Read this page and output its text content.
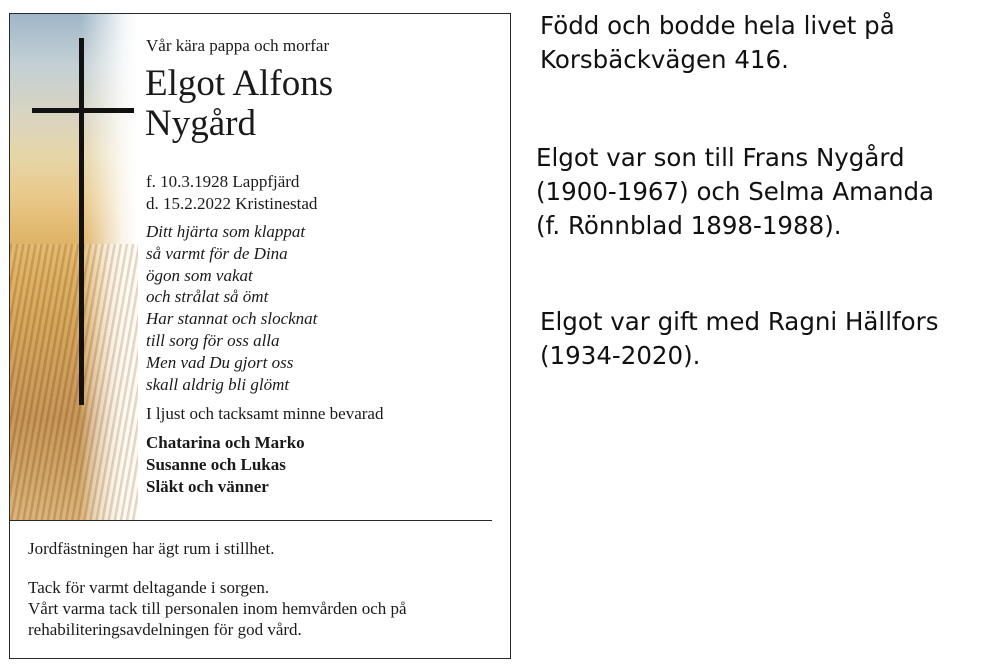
Vår kära pappa och morfar
Elgot Alfons
Nygård
f. 10.3.1928 Lappfjärd
d. 15.2.2022 Kristinestad
Ditt hjärta som klappat
så varmt för de Dina
ögon som vakat
och strålat så ömt
Har stannat och slocknat
till sorg för oss alla
Men vad Du gjort oss
skall aldrig bli glömt
I ljust och tacksamt minne bevarad
Chatarina och Marko
Susanne och Lukas
Släkt och vänner
Jordfästningen har ägt rum i stillhet.
Tack för varmt deltagande i sorgen.
Vårt varma tack till personalen inom hemvården och på
rehabiliteringsavdelningen för god vård.
Född och bodde hela livet på
Korsbäckvägen 416.
Elgot var son till Frans Nygård
(1900-1967) och Selma Amanda
(f. Rönnblad 1898-1988).
Elgot var gift med Ragni Hällfors
(1934-2020).
